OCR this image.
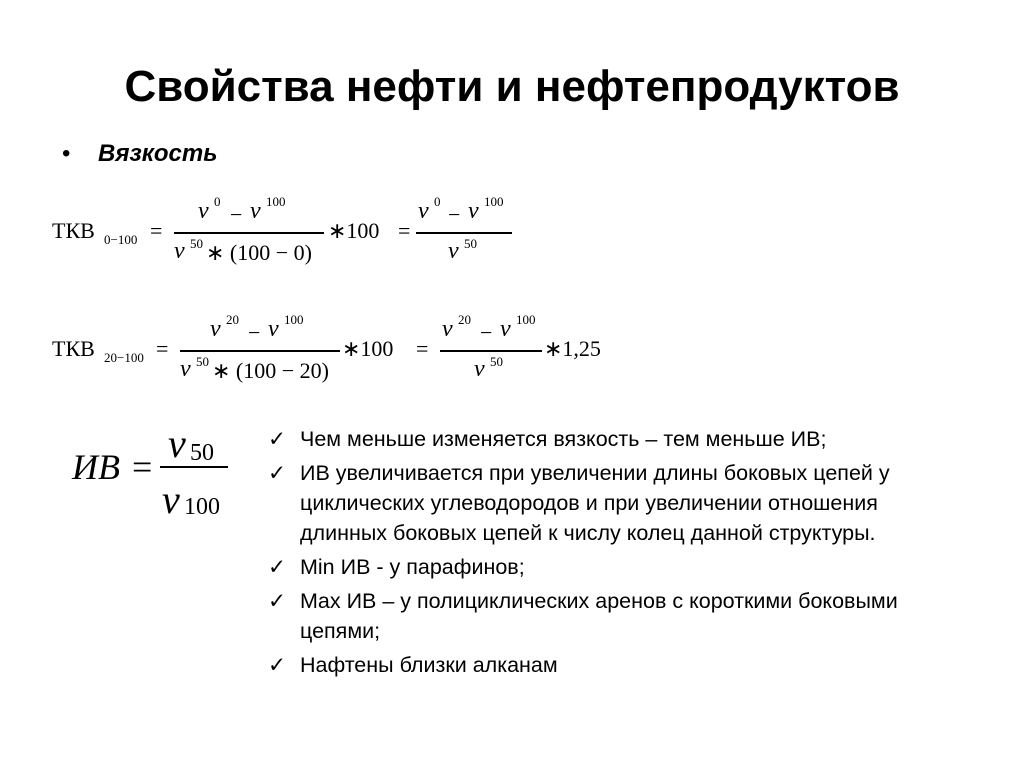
Свойства нефти и нефтепродуктов
• Вязкость
ТКВ 0−100 =
ν 0
− ν 100
ν 50 ∗ (100 − 0)
∗100 =
ν 0
− ν 100
ν 50
ТКВ 20−100 =
ν 20
− ν 100
ν 50 ∗ (100 − 20)
∗100 =
ν 20
− ν 100
ν 50
∗1,25
ИВ =
ν 50
ν 100
✓ Чем меньше изменяется вязкость – тем меньше ИВ;
✓ ИВ увеличивается при увеличении длины боковых цепей у циклических углеводородов и при увеличении отношения длинных боковых цепей к числу колец данной структуры.
✓ Min ИВ - у парафинов;
✓ Max ИВ – у полициклических аренов с короткими боковыми цепями;
✓ Нафтены близки алканам
